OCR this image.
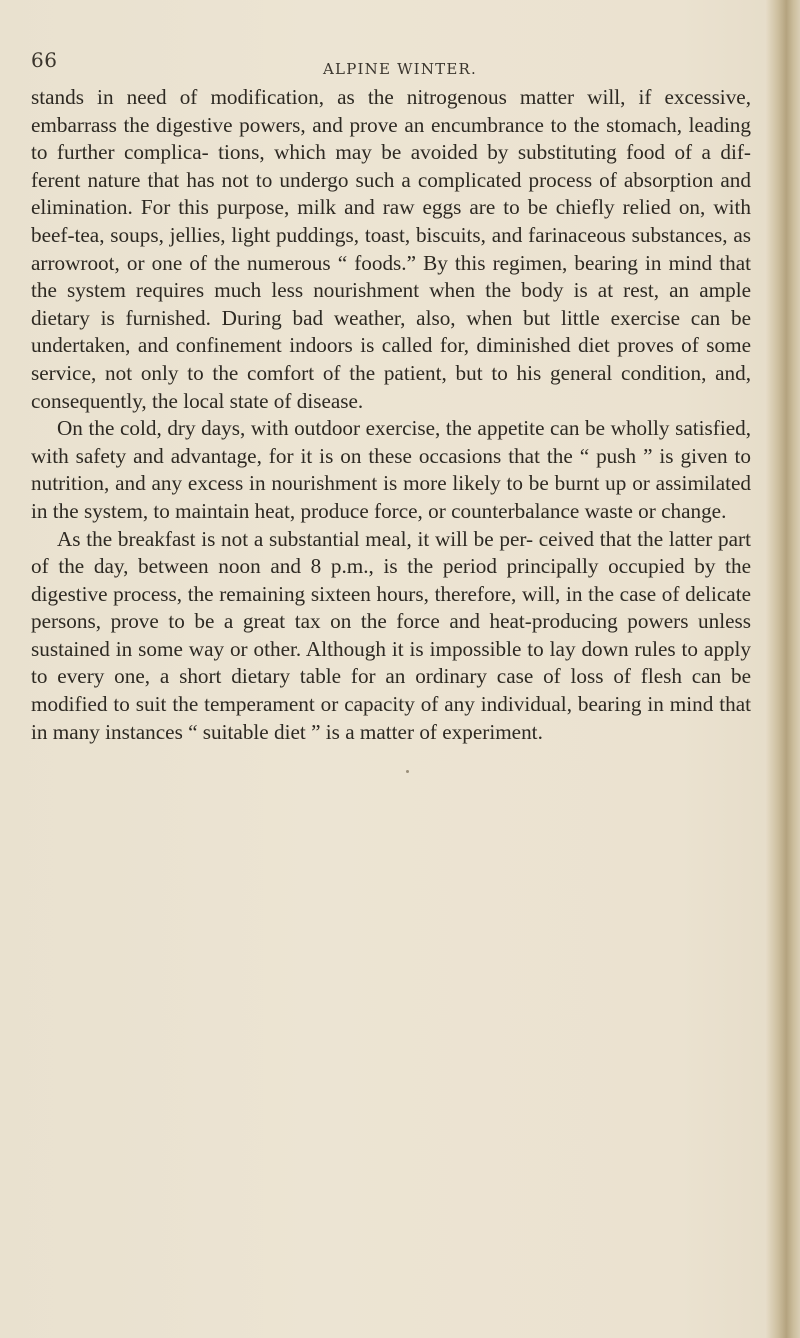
66	ALPINE WINTER.

stands in need of modification, as the nitrogenous matter will, if excessive, embarrass the digestive powers, and prove an encumbrance to the stomach, leading to further complica- tions, which may be avoided by substituting food of a dif- ferent nature that has not to undergo such a complicated process of absorption and elimination. For this purpose, milk and raw eggs are to be chiefly relied on, with beef-tea, soups, jellies, light puddings, toast, biscuits, and farinaceous substances, as arrowroot, or one of the numerous “ foods.” By this regimen, bearing in mind that the system requires much less nourishment when the body is at rest, an ample dietary is furnished. During bad weather, also, when but little exercise can be undertaken, and confinement indoors is called for, diminished diet proves of some service, not only to the comfort of the patient, but to his general condition, and, consequently, the local state of disease.

On the cold, dry days, with outdoor exercise, the appetite can be wholly satisfied, with safety and advantage, for it is on these occasions that the “ push ” is given to nutrition, and any excess in nourishment is more likely to be burnt up or assimilated in the system, to maintain heat, produce force, or counterbalance waste or change.

As the breakfast is not a substantial meal, it will be per- ceived that the latter part of the day, between noon and 8 p.m., is the period principally occupied by the digestive process, the remaining sixteen hours, therefore, will, in the case of delicate persons, prove to be a great tax on the force and heat-producing powers unless sustained in some way or other. Although it is impossible to lay down rules to apply to every one, a short dietary table for an ordinary case of loss of flesh can be modified to suit the temperament or capacity of any individual, bearing in mind that in many instances “ suitable diet ” is a matter of experiment.
